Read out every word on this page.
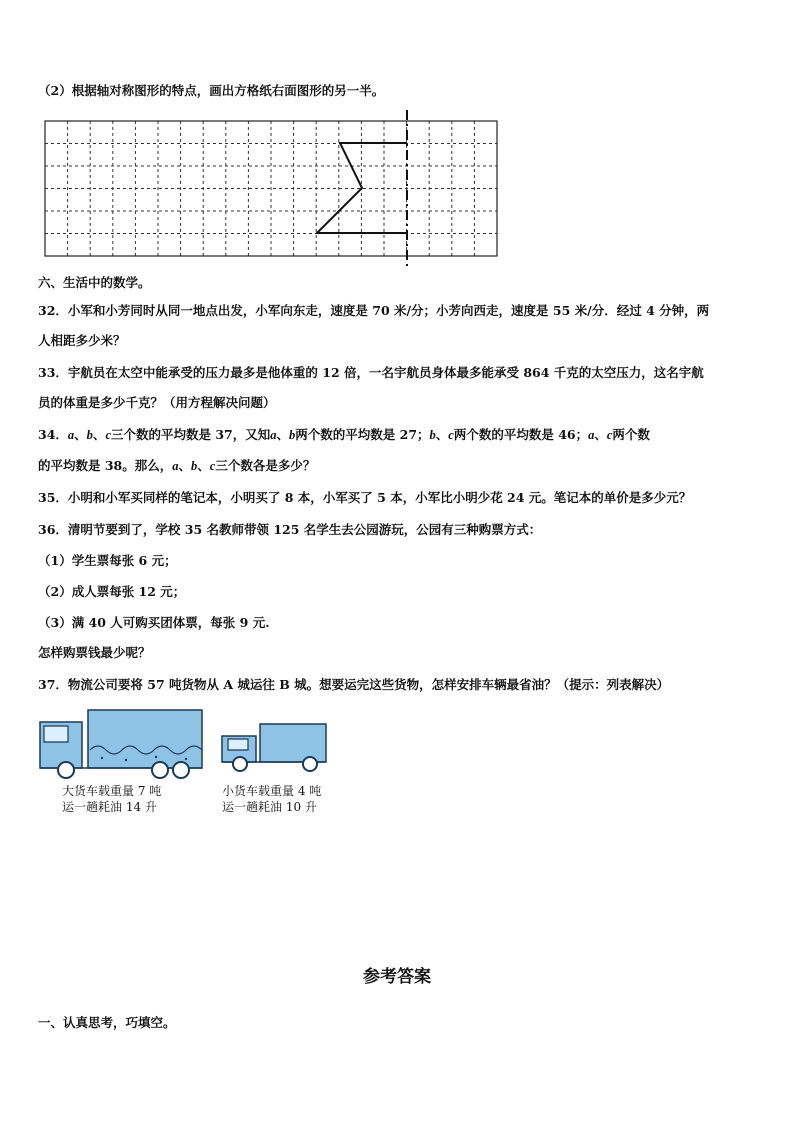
（2）根据轴对称图形的特点，画出方格纸右面图形的另一半。
六、生活中的数学。
32．小军和小芳同时从同一地点出发，小军向东走，速度是 70 米/分；小芳向西走，速度是 55 米/分．经过 4 分钟，两
人相距多少米？
33．宇航员在太空中能承受的压力最多是他体重的 12 倍，一名宇航员身体最多能承受 864 千克的太空压力，这名宇航
员的体重是多少千克？（用方程解决问题）
34．a、b、c三个数的平均数是 37，又知a、b两个数的平均数是 27；b、c两个数的平均数是 46；a、c两个数
的平均数是 38。那么，a、b、c三个数各是多少？
35．小明和小军买同样的笔记本，小明买了 8 本，小军买了 5 本，小军比小明少花 24 元。笔记本的单价是多少元？
36．清明节要到了，学校 35 名教师带领 125 名学生去公园游玩，公园有三种购票方式：
（1）学生票每张 6 元；
（2）成人票每张 12 元；
（3）满 40 人可购买团体票，每张 9 元.
怎样购票钱最少呢？
37．物流公司要将 57 吨货物从 A 城运往 B 城。想要运完这些货物，怎样安排车辆最省油？（提示：列表解决）
大货车载重量 7 吨
运一趟耗油 14 升
小货车载重量 4 吨
运一趟耗油 10 升
参考答案
一、认真思考，巧填空。
